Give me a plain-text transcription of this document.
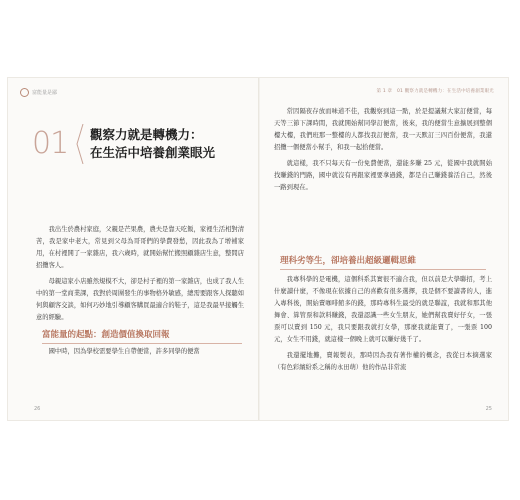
富能量是鄙
01 觀察力就是轉機力：
在生活中培養創業眼光

我出生於農村家庭，父親是芒果農，農夫是靠天吃飯，家裡生活相對清苦，我是家中老大，常見到父母為哥哥們的學費發愁，因此我為了增補家用，在村裡開了一家雜店，我六歲時，就開始幫忙搬照顧雜店生意，整間店招攬客人。

母親這家小店雖然規模不大，卻是村子裡的第一家雜店，也成了我人生中的第一堂商業課，我對於周圍發生的事物格外敏感，總需要跟客人探聽如何與顧客交談，如何巧妙地引導顧客購買最適合的鞋子，這是我最早接觸生意的經驗。

富能量的起點：創造價值換取回報

國中時，因為學校需要學生自帶便當，許多同學的便當

26
第 1 章　01 觀察力就是轉機力：在生活中培養創業眼光

常因隔夜存放而味道不佳，我觀察到這一點，於是提議幫大家訂便當，每天等三節下課時間，我就開始幫同學訂便當，後來，我的便當生意擴展到整個樓大樓，我們班那一整樓的人都找我訂便當，我一天默訂三四百份便當，我還招攬一個便當小幫手，和我一起拾便當。

就這樣，我不只每天有一份免費便當，還能多賺 25 元，從國中我就開始找賺錢的門路，國中就沒有再跟家裡要拿過錢，都是自己賺錢養活自己，然後一路到現在。

理科劣等生，卻培養出超級邏輯思維

我專科學的是電機，這個科系其實很不適合我，但以前是大學聯招，考上什麼讀什麼，不像現在依據自己的喜歡有很多選擇，我是個不要讀書的人，進入專科後，開始賣咖啡館多的錢，那時專科生最受的就是聯誼，我就和那其他舞會、算管票和款料賺錢，我還認識一些女生朋友，她們幫我賣好仔女，一張票可以賣到 150 元，我只要跟我就打女學，那麼我就能賣了，一張票 100 元，女生不用錢，就這樣一個晚上就可以賺好幾千了。

我還擺地攤，賣報製表，那時因為我有著作權的概念，我從日本摘選家（有色彩繽紛系之稱的永田萌）他的作品非常流

25
